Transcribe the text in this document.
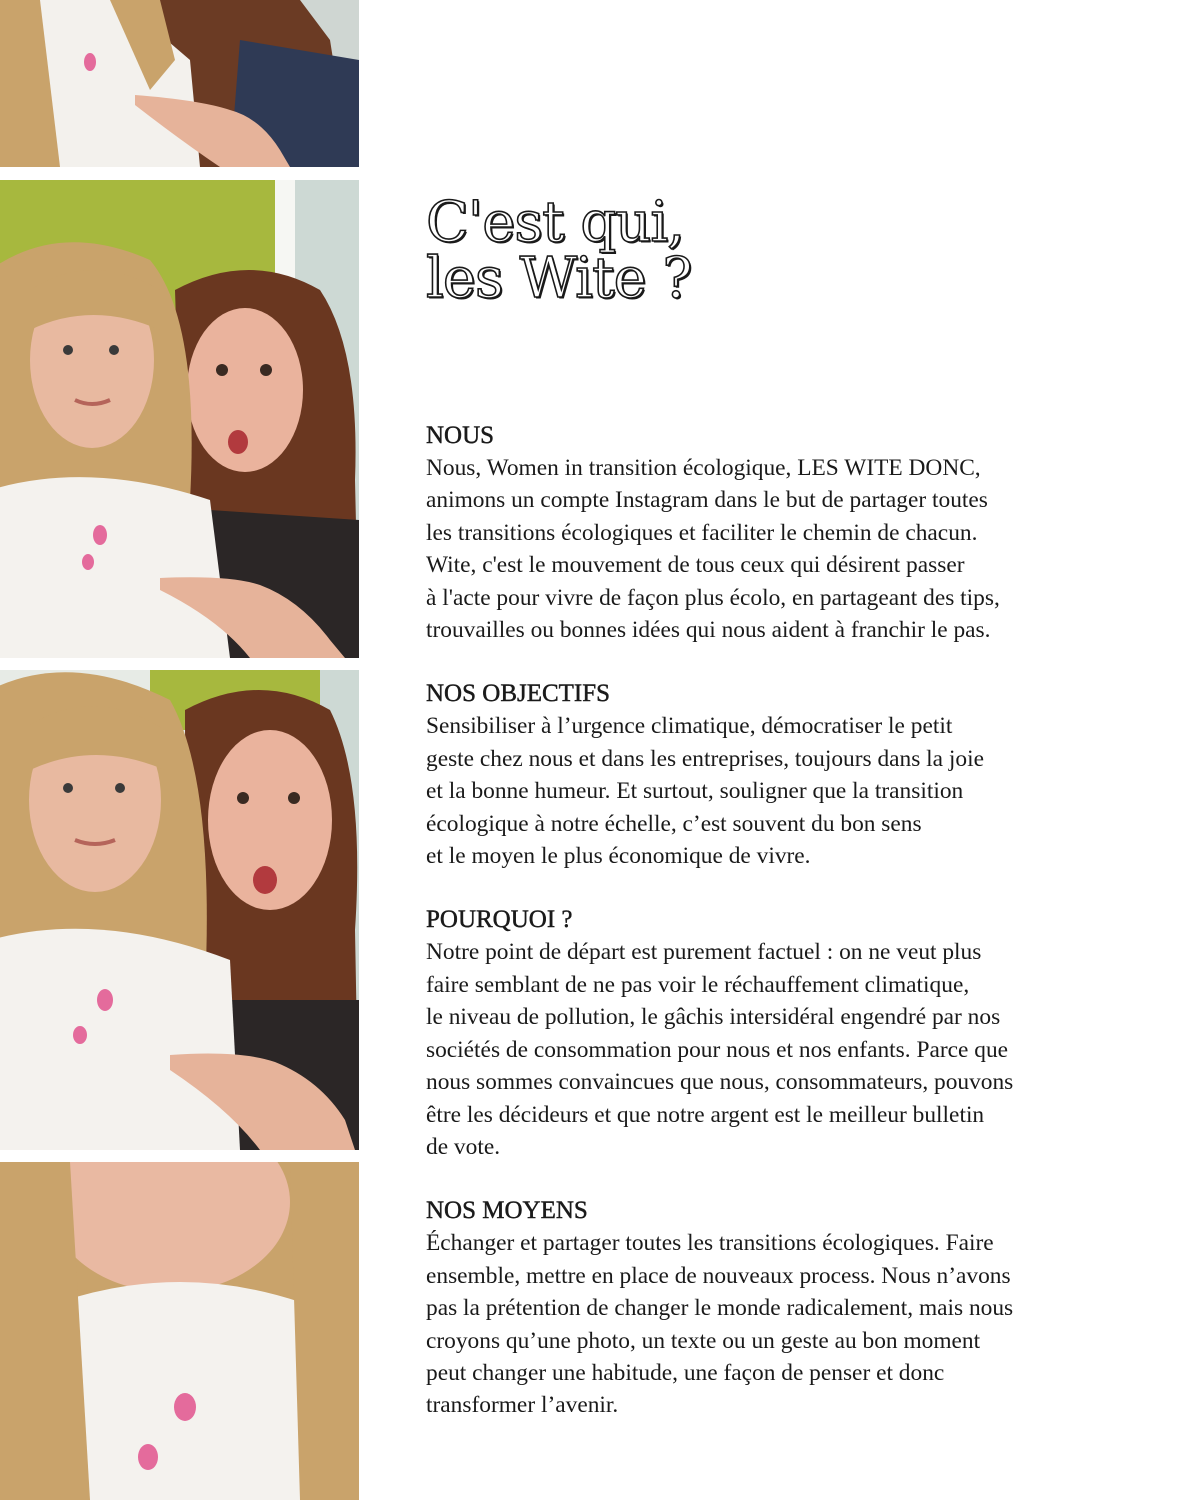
C'est qui,
les Wite ?
NOUS

Nous, Women in transition écologique, LES WITE DONC,
animons un compte Instagram dans le but de partager toutes
les transitions écologiques et faciliter le chemin de chacun.
Wite, c'est le mouvement de tous ceux qui désirent passer
à l'acte pour vivre de façon plus écolo, en partageant des tips,
trouvailles ou bonnes idées qui nous aident à franchir le pas.

NOS OBJECTIFS

Sensibiliser à l’urgence climatique, démocratiser le petit
geste chez nous et dans les entreprises, toujours dans la joie
et la bonne humeur. Et surtout, souligner que la transition
écologique à notre échelle, c’est souvent du bon sens
et le moyen le plus économique de vivre.

POURQUOI ?

Notre point de départ est purement factuel : on ne veut plus
faire semblant de ne pas voir le réchauffement climatique,
le niveau de pollution, le gâchis intersidéral engendré par nos
sociétés de consommation pour nous et nos enfants. Parce que
nous sommes convaincues que nous, consommateurs, pouvons
être les décideurs et que notre argent est le meilleur bulletin
de vote.

NOS MOYENS

Échanger et partager toutes les transitions écologiques. Faire
ensemble, mettre en place de nouveaux process. Nous n’avons
pas la prétention de changer le monde radicalement, mais nous
croyons qu’une photo, un texte ou un geste au bon moment
peut changer une habitude, une façon de penser et donc
transformer l’avenir.
